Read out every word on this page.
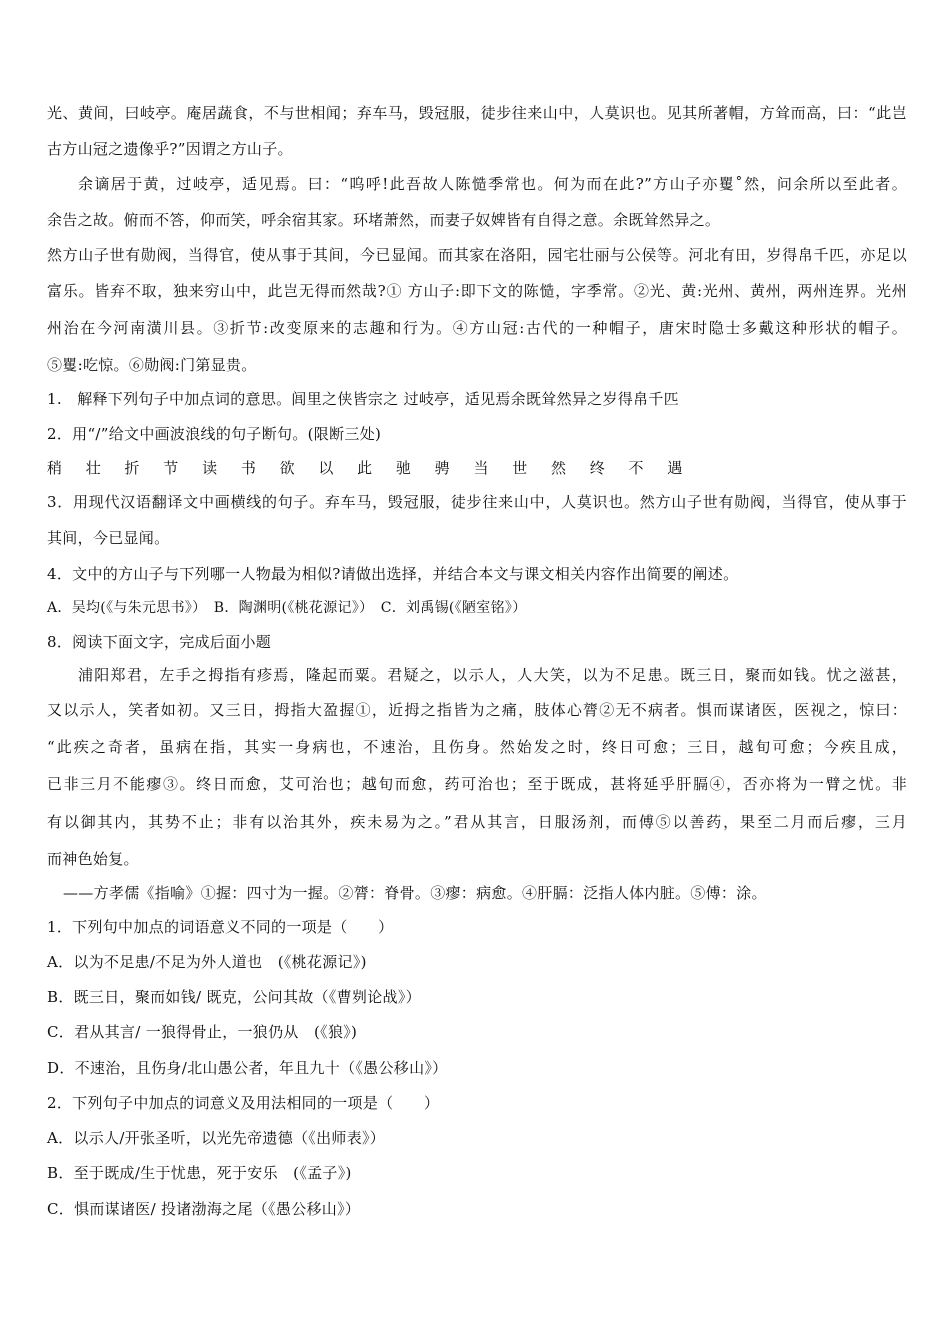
光、黄间，曰岐亭。庵居蔬食，不与世相闻；弃车马，毁冠服，徒步往来山中，人莫识也。见其所著帽，方耸而高，曰：“此岂
古方山冠之遗像乎?”因谓之方山子。
余谪居于黄，过岐亭，适见焉。曰：“呜呼!此吾故人陈慥季常也。何为而在此?”方山子亦矍˚然，问余所以至此者。
余告之故。俯而不答，仰而笑，呼余宿其家。环堵萧然，而妻子奴婢皆有自得之意。余既耸然异之。
然方山子世有勋阀，当得官，使从事于其间，今已显闻。而其家在洛阳，园宅壮丽与公侯等。河北有田，岁得帛千匹，亦足以
富乐。皆弃不取，独来穷山中，此岂无得而然哉?① 方山子:即下文的陈慥，字季常。②光、黄:光州、黄州，两州连界。光州
州治在今河南潢川县。③折节:改变原来的志趣和行为。④方山冠:古代的一种帽子，唐宋时隐士多戴这种形状的帽子。
⑤矍:吃惊。⑥勋阀:门第显贵。
1.　解释下列句子中加点词的意思。闾里之侠皆宗之 过岐亭，适见焉余既耸然异之岁得帛千匹
2．用“/”给文中画波浪线的句子断句。(限断三处)
稍 壮 折 节 读 书 欲 以 此 驰 骋 当 世 然 终 不 遇
3．用现代汉语翻译文中画横线的句子。弃车马，毁冠服，徒步往来山中，人莫识也。然方山子世有勋阀，当得官，使从事于
其间，今已显闻。
4．文中的方山子与下列哪一人物最为相似?请做出选择，并结合本文与课文相关内容作出简要的阐述。
A．吴均(《与朱元思书》）　B．陶渊明(《桃花源记》）　C．刘禹锡(《陋室铭》）
8．阅读下面文字，完成后面小题
浦阳郑君，左手之拇指有疹焉，隆起而粟。君疑之，以示人，人大笑，以为不足患。既三日，聚而如钱。忧之滋甚，
又以示人，笑者如初。又三日，拇指大盈握①，近拇之指皆为之痛，肢体心膂②无不病者。惧而谋诸医，医视之，惊曰：
“此疾之奇者，虽病在指，其实一身病也，不速治，且伤身。然始发之时，终日可愈；三日，越旬可愈；今疾且成，
已非三月不能瘳③。终日而愈，艾可治也；越旬而愈，药可治也；至于既成，甚将延乎肝膈④，否亦将为一臂之忧。非
有以御其内，其势不止；非有以治其外，疾未易为之。”君从其言，日服汤剂，而傅⑤以善药，果至二月而后瘳，三月
而神色始复。
——方孝儒《指喻》①握：四寸为一握。②膂：脊骨。③瘳：病愈。④肝膈：泛指人体内脏。⑤傅：涂。
1．下列句中加点的词语意义不同的一项是（　　）
A．以为不足患/不足为外人道也　(《桃花源记》)
B．既三日，聚而如钱/ 既克，公问其故（《曹刿论战》）
C．君从其言/ 一狼得骨止，一狼仍从　(《狼》)
D．不速治，且伤身/北山愚公者，年且九十（《愚公移山》）
2．下列句子中加点的词意义及用法相同的一项是（　　）
A．以示人/开张圣听，以光先帝遗德（《出师表》）
B．至于既成/生于忧患，死于安乐　(《孟子》)
C．惧而谋诸医/ 投诸渤海之尾（《愚公移山》）
